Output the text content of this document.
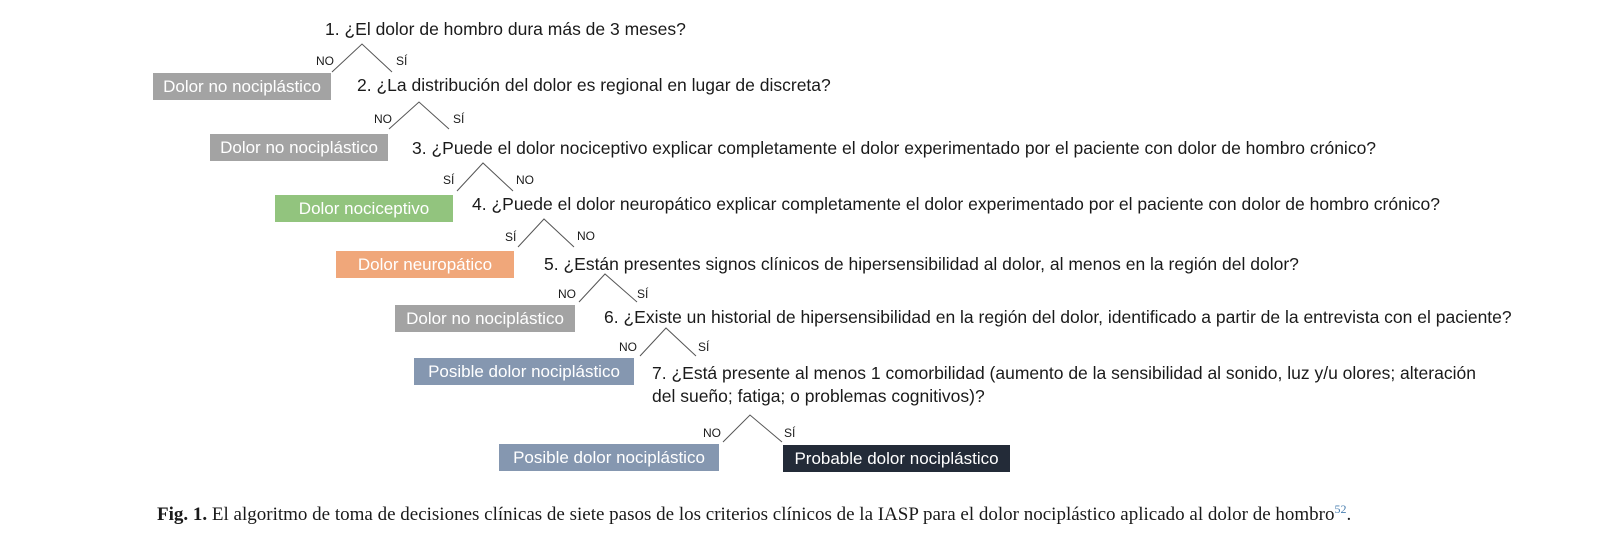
1. ¿El dolor de hombro dura más de 3 meses?
2. ¿La distribución del dolor es regional en lugar de discreta?
3. ¿Puede el dolor nociceptivo explicar completamente el dolor experimentado por el paciente con dolor de hombro crónico?
4. ¿Puede el dolor neuropático explicar completamente el dolor experimentado por el paciente con dolor de hombro crónico?
5. ¿Están presentes signos clínicos de hipersensibilidad al dolor, al menos en la región del dolor?
6. ¿Existe un historial de hipersensibilidad en la región del dolor, identificado a partir de la entrevista con el paciente?
7. ¿Está presente al menos 1 comorbilidad (aumento de la sensibilidad al sonido, luz y/u olores; alteración
del sueño; fatiga; o problemas cognitivos)?
NO	SÍ
NO	SÍ
SÍ	NO
SÍ	NO
NO	SÍ
NO	SÍ
NO	SÍ
Dolor no nociplástico
Dolor no nociplástico
Dolor nociceptivo
Dolor neuropático
Dolor no nociplástico
Posible dolor nociplástico
Posible dolor nociplástico	Probable dolor nociplástico
Fig. 1. El algoritmo de toma de decisiones clínicas de siete pasos de los criterios clínicos de la IASP para el dolor nociplástico aplicado al dolor de hombro$^{52}$.
